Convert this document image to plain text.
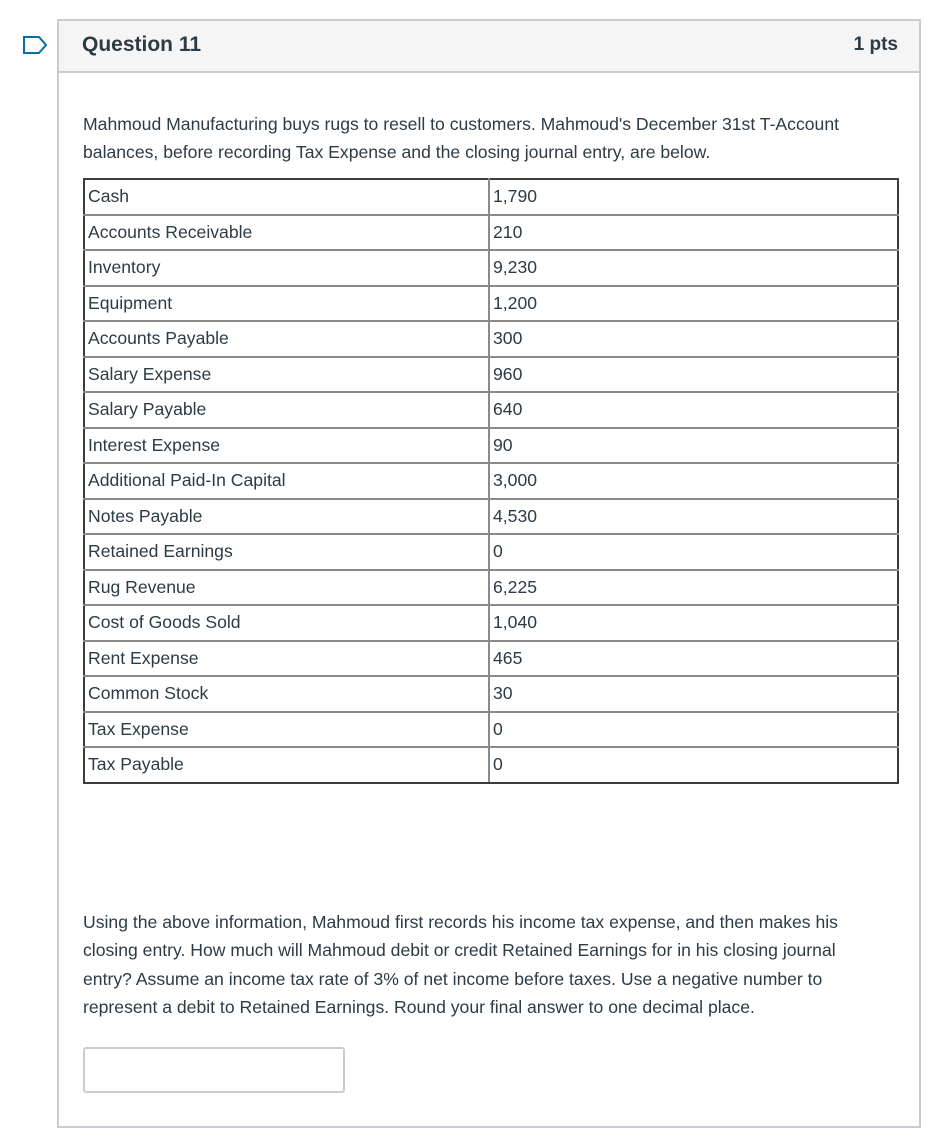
Question 11	1 pts
Mahmoud Manufacturing buys rugs to resell to customers. Mahmoud's December 31st T-Account balances, before recording Tax Expense and the closing journal entry, are below.
Cash	1,790
Accounts Receivable	210
Inventory	9,230
Equipment	1,200
Accounts Payable	300
Salary Expense	960
Salary Payable	640
Interest Expense	90
Additional Paid-In Capital	3,000
Notes Payable	4,530
Retained Earnings	0
Rug Revenue	6,225
Cost of Goods Sold	1,040
Rent Expense	465
Common Stock	30
Tax Expense	0
Tax Payable	0
Using the above information, Mahmoud first records his income tax expense, and then makes his closing entry. How much will Mahmoud debit or credit Retained Earnings for in his closing journal entry? Assume an income tax rate of 3% of net income before taxes. Use a negative number to represent a debit to Retained Earnings. Round your final answer to one decimal place.
